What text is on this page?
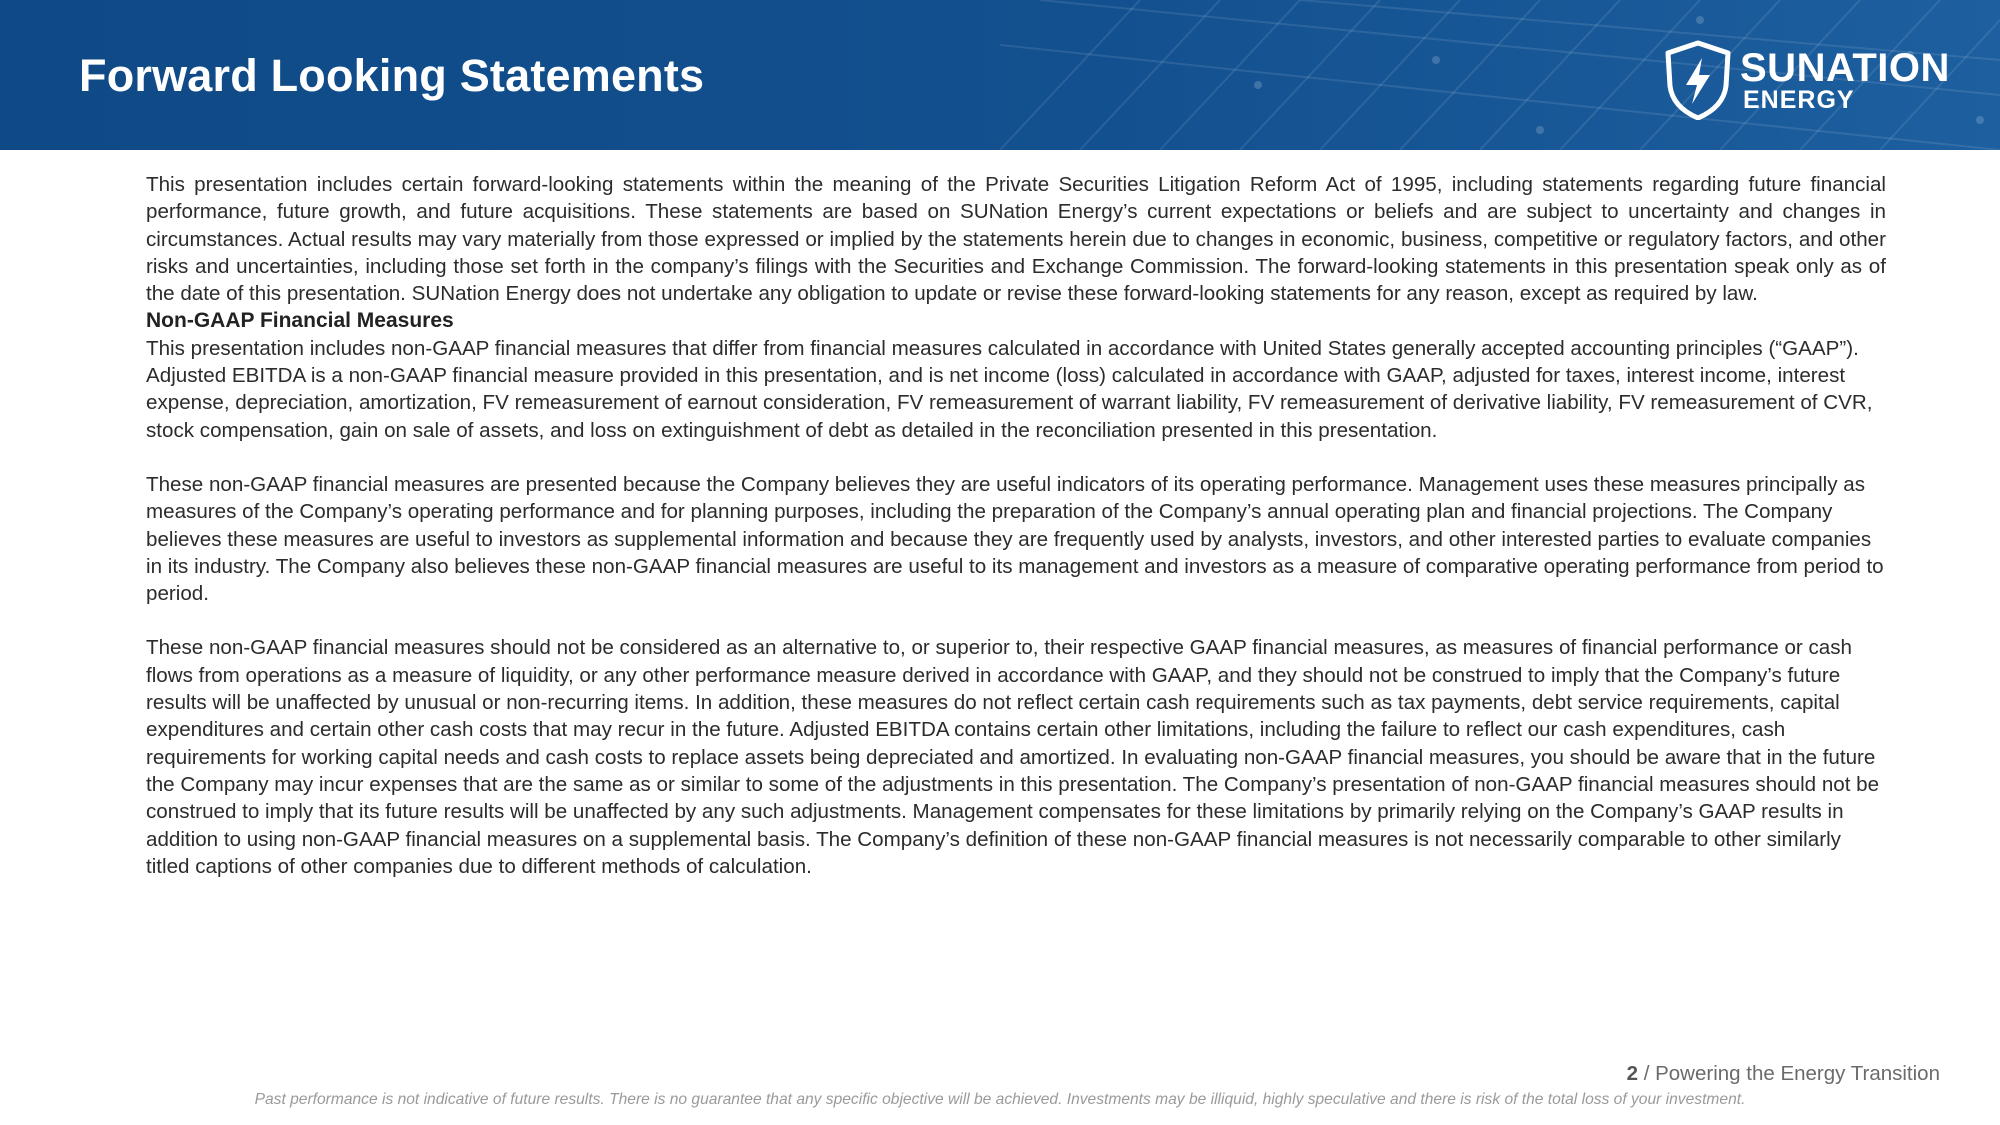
Forward Looking Statements	SUNATION
ENERGY

This presentation includes certain forward-looking statements within the meaning of the Private Securities Litigation Reform Act of 1995, including statements regarding future financial performance, future growth, and future acquisitions. These statements are based on SUNation Energy’s current expectations or beliefs and are subject to uncertainty and changes in circumstances. Actual results may vary materially from those expressed or implied by the statements herein due to changes in economic, business, competitive or regulatory factors, and other risks and uncertainties, including those set forth in the company’s filings with the Securities and Exchange Commission. The forward-looking statements in this presentation speak only as of the date of this presentation. SUNation Energy does not undertake any obligation to update or revise these forward-looking statements for any reason, except as required by law.

Non-GAAP Financial Measures

This presentation includes non-GAAP financial measures that differ from financial measures calculated in accordance with United States generally accepted accounting principles (“GAAP”). Adjusted EBITDA is a non-GAAP financial measure provided in this presentation, and is net income (loss) calculated in accordance with GAAP, adjusted for taxes, interest income, interest expense, depreciation, amortization, FV remeasurement of earnout consideration, FV remeasurement of warrant liability, FV remeasurement of derivative liability, FV remeasurement of CVR, stock compensation, gain on sale of assets, and loss on extinguishment of debt as detailed in the reconciliation presented in this presentation.

These non-GAAP financial measures are presented because the Company believes they are useful indicators of its operating performance. Management uses these measures principally as measures of the Company’s operating performance and for planning purposes, including the preparation of the Company’s annual operating plan and financial projections. The Company believes these measures are useful to investors as supplemental information and because they are frequently used by analysts, investors, and other interested parties to evaluate companies in its industry. The Company also believes these non-GAAP financial measures are useful to its management and investors as a measure of comparative operating performance from period to period.

These non-GAAP financial measures should not be considered as an alternative to, or superior to, their respective GAAP financial measures, as measures of financial performance or cash flows from operations as a measure of liquidity, or any other performance measure derived in accordance with GAAP, and they should not be construed to imply that the Company’s future results will be unaffected by unusual or non-recurring items. In addition, these measures do not reflect certain cash requirements such as tax payments, debt service requirements, capital expenditures and certain other cash costs that may recur in the future. Adjusted EBITDA contains certain other limitations, including the failure to reflect our cash expenditures, cash requirements for working capital needs and cash costs to replace assets being depreciated and amortized. In evaluating non-GAAP financial measures, you should be aware that in the future the Company may incur expenses that are the same as or similar to some of the adjustments in this presentation. The Company’s presentation of non-GAAP financial measures should not be construed to imply that its future results will be unaffected by any such adjustments. Management compensates for these limitations by primarily relying on the Company’s GAAP results in addition to using non-GAAP financial measures on a supplemental basis. The Company’s definition of these non-GAAP financial measures is not necessarily comparable to other similarly titled captions of other companies due to different methods of calculation.

2 / Powering the Energy Transition
Past performance is not indicative of future results. There is no guarantee that any specific objective will be achieved. Investments may be illiquid, highly speculative and there is risk of the total loss of your investment.
